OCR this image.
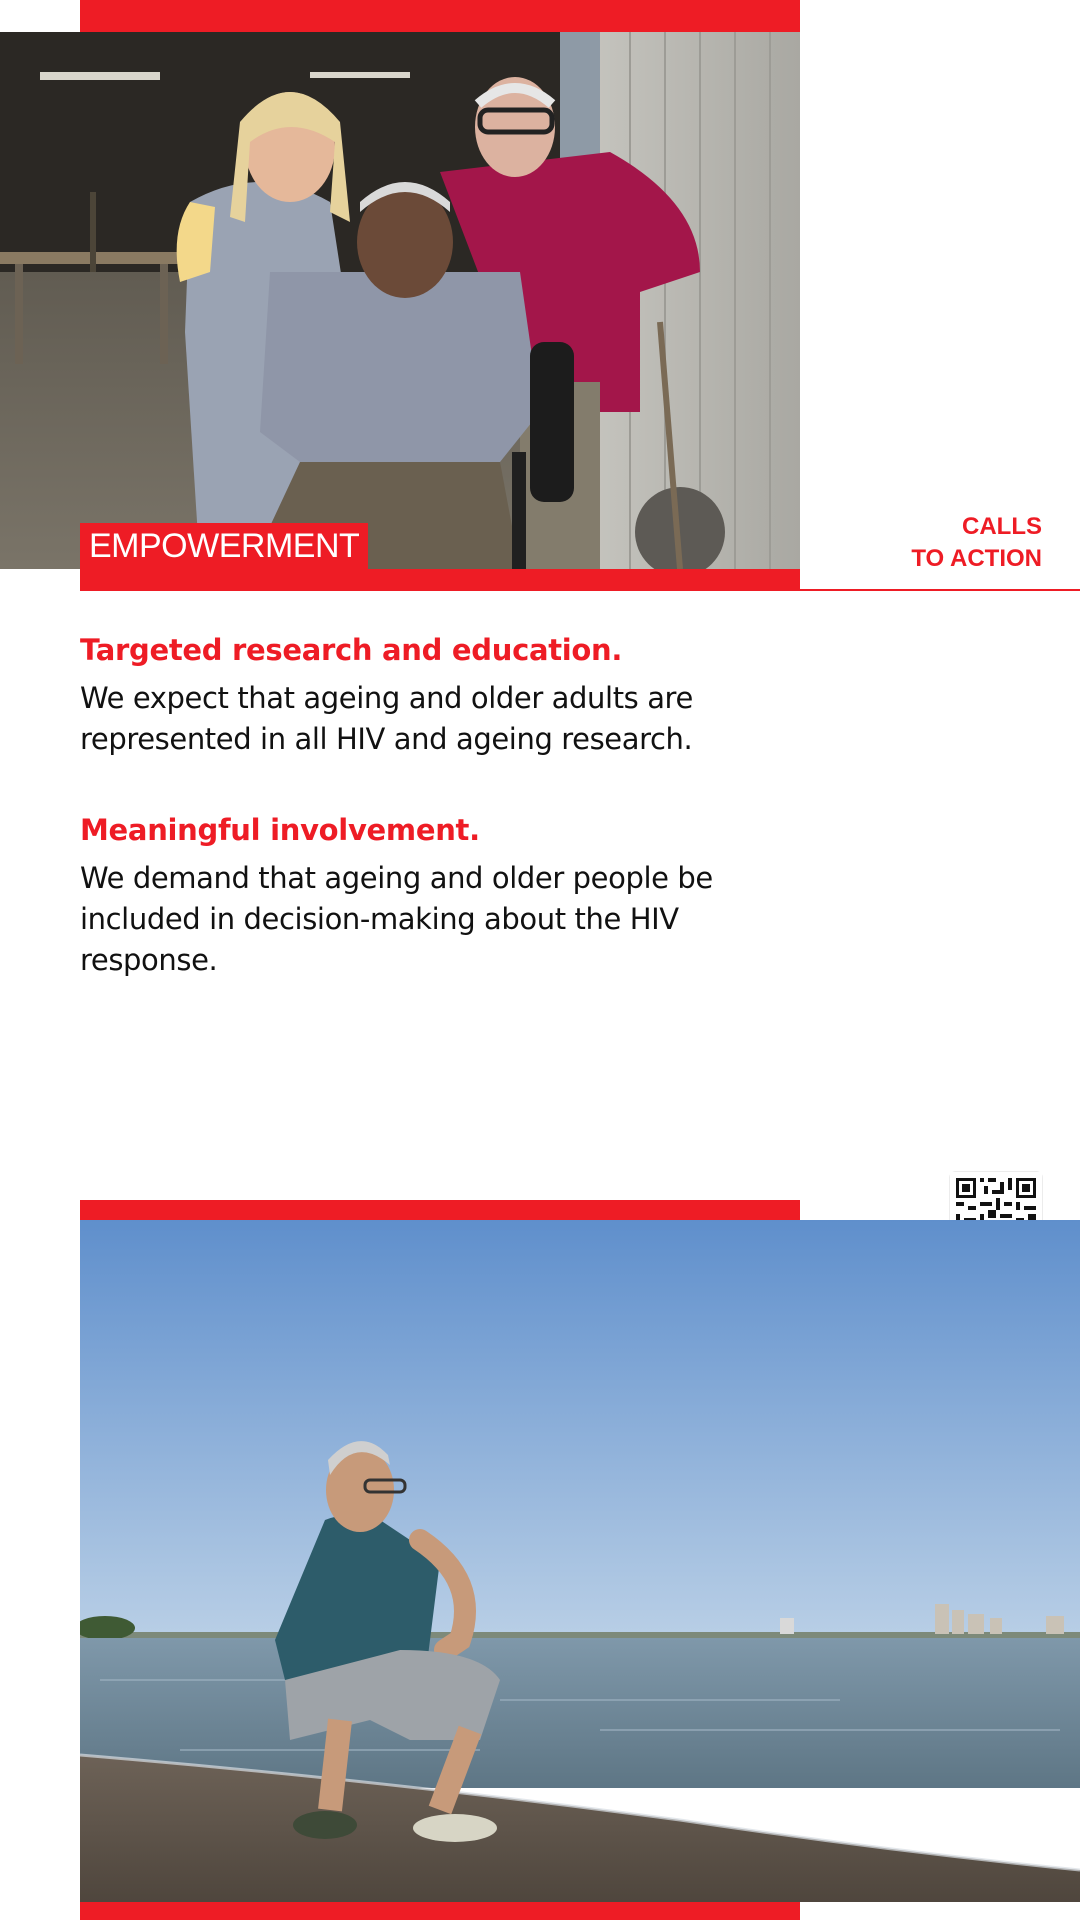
EMPOWERMENT
CALLS
TO ACTION
Targeted research and education.
We expect that ageing and older adults are represented in all HIV and ageing research.
Meaningful involvement.
We demand that ageing and older people be included in decision-making about the HIV response.
